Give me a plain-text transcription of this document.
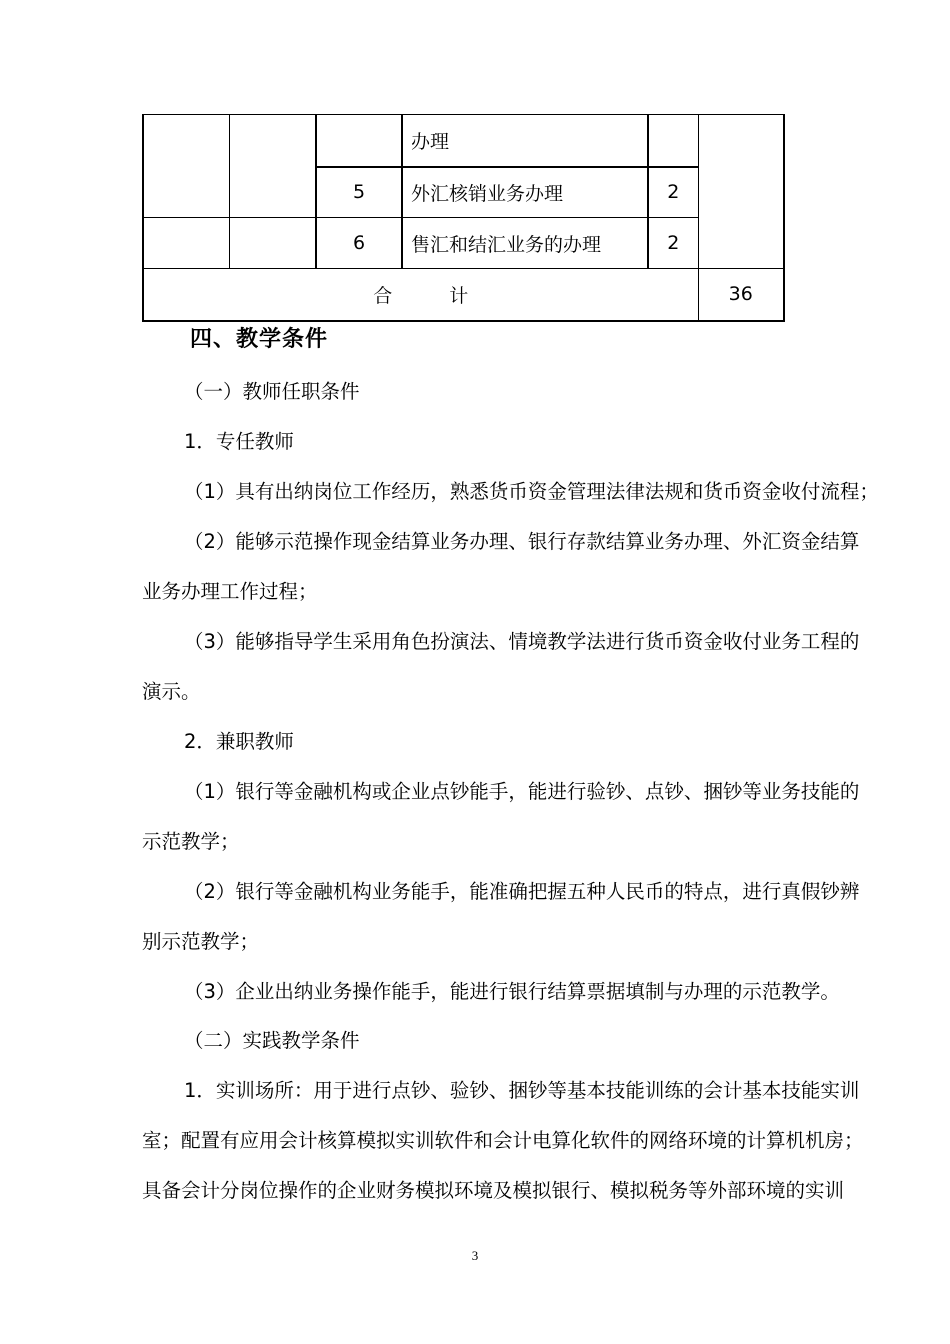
			办理		
		5	外汇核销业务办理	2	
		6	售汇和结汇业务的办理	2	
合　　　计					36
四、教学条件
（一）教师任职条件
1．专任教师
（1）具有出纳岗位工作经历，熟悉货币资金管理法律法规和货币资金收付流程；
（2）能够示范操作现金结算业务办理、银行存款结算业务办理、外汇资金结算
业务办理工作过程；
（3）能够指导学生采用角色扮演法、情境教学法进行货币资金收付业务工程的
演示。
2．兼职教师
（1）银行等金融机构或企业点钞能手，能进行验钞、点钞、捆钞等业务技能的
示范教学；
（2）银行等金融机构业务能手，能准确把握五种人民币的特点，进行真假钞辨
别示范教学；
（3）企业出纳业务操作能手，能进行银行结算票据填制与办理的示范教学。
（二）实践教学条件
1．实训场所：用于进行点钞、验钞、捆钞等基本技能训练的会计基本技能实训
室；配置有应用会计核算模拟实训软件和会计电算化软件的网络环境的计算机机房；
具备会计分岗位操作的企业财务模拟环境及模拟银行、模拟税务等外部环境的实训
3
